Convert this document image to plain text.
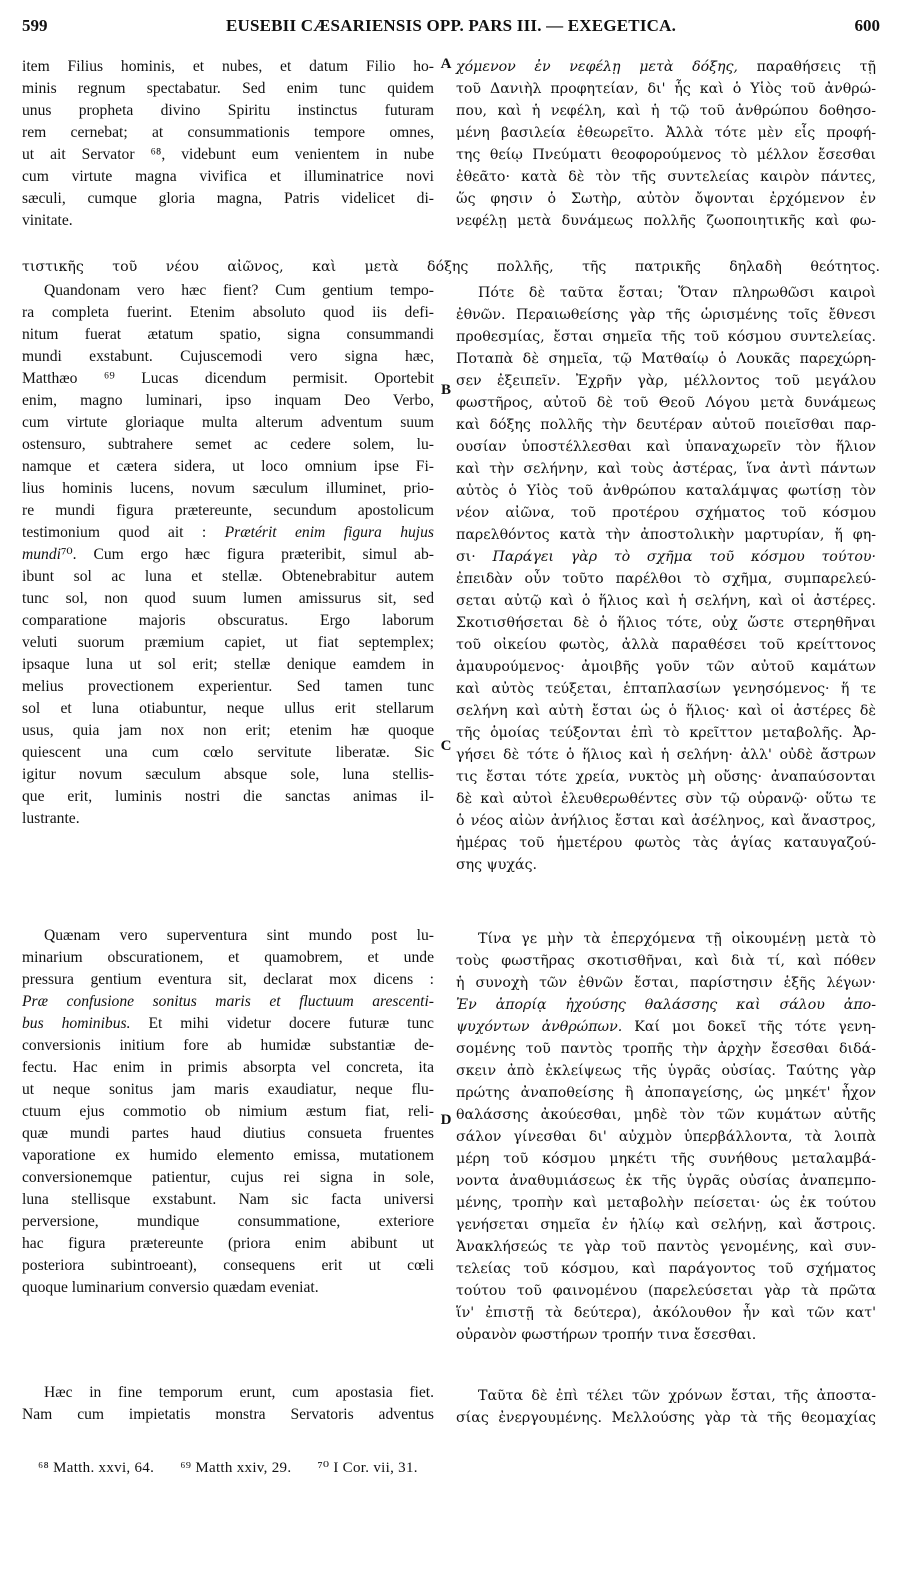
599	EUSEBII CÆSARIENSIS OPP. PARS III. — EXEGETICA.	600
item Filius hominis, et nubes, et datum Filio ho-
minis regnum spectabatur. Sed enim tunc quidem
unus propheta divino Spiritu instinctus futuram
rem cernebat; at consummationis tempore omnes,
ut ait Servator ⁶⁸, videbunt eum venientem in nube
cum virtute magna vivifica et illuminatrice novi
sæculi, cumque gloria magna, Patris videlicet di-
vinitate.
τιστικῆς τοῦ νέου αἰῶνος, καὶ μετὰ δόξης πολλῆς, τῆς πατρικῆς δηλαδὴ θεότητος.
Quandonam vero hæc fient? Cum gentium tempo-
ra completa fuerint. Etenim absoluto quod iis defi-
nitum fuerat ætatum spatio, signa consummandi
mundi exstabunt. Cujuscemodi vero signa hæc,
Matthæo ⁶⁹ Lucas dicendum permisit. Oportebit
enim, magno luminari, ipso inquam Deo Verbo,
cum virtute gloriaque multa alterum adventum suum
ostensuro, subtrahere semet ac cedere solem, lu-
namque et cætera sidera, ut loco omnium ipse Fi-
lius hominis lucens, novum sæculum illuminet, prio-
re mundi figura prætereunte, secundum apostolicum
testimonium quod ait : Prætérit enim figura hujus
mundi⁷⁰. Cum ergo hæc figura præteribit, simul ab-
ibunt sol ac luna et stellæ. Obtenebrabitur autem
tunc sol, non quod suum lumen amissurus sit, sed
comparatione majoris obscuratus. Ergo laborum
veluti suorum præmium capiet, ut fiat septemplex;
ipsaque luna ut sol erit; stellæ denique eamdem in
melius provectionem experientur. Sed tamen tunc
sol et luna otiabuntur, neque ullus erit stellarum
usus, quia jam nox non erit; etenim hæ quoque
quiescent una cum cœlo servitute liberatæ. Sic
igitur novum sæculum absque sole, luna stellis-
que erit, luminis nostri die sanctas animas il-
lustrante.
Quænam vero superventura sint mundo post lu-
minarium obscurationem, et quamobrem, et unde
pressura gentium eventura sit, declarat mox dicens :
Præ confusione sonitus maris et fluctuum arescenti-
bus hominibus. Et mihi videtur docere futuræ tunc
conversionis initium fore ab humidæ substantiæ de-
fectu. Hac enim in primis absorpta vel concreta, ita
ut neque sonitus jam maris exaudiatur, neque flu-
ctuum ejus commotio ob nimium æstum fiat, reli-
quæ mundi partes haud diutius consueta fruentes
vaporatione ex humido elemento emissa, mutationem
conversionemque patientur, cujus rei signa in sole,
luna stellisque exstabunt. Nam sic facta universi
perversione, mundique consummatione, exteriore
hac figura prætereunte (priora enim abibunt ut
posteriora subintroeant), consequens erit ut cœli
quoque luminarium conversio quædam eveniat.
Hæc in fine temporum erunt, cum apostasia fiet.
Nam cum impietatis monstra Servatoris adventus
χόμενον ἐν νεφέλῃ μετὰ δόξης, παραθήσεις τῇ
τοῦ Δανιὴλ προφητείαν, δι' ἧς καὶ ὁ Υἱὸς τοῦ ἀνθρώ-
που, καὶ ἡ νεφέλη, καὶ ἡ τῷ τοῦ ἀνθρώπου δοθησο-
μένη βασιλεία ἐθεωρεῖτο. Ἀλλὰ τότε μὲν εἷς προφή-
της θείῳ Πνεύματι θεοφορούμενος τὸ μέλλον ἔσεσθαι
ἐθεᾶτο· κατὰ δὲ τὸν τῆς συντελείας καιρὸν πάντες,
ὥς φησιν ὁ Σωτὴρ, αὐτὸν ὄψονται ἐρχόμενον ἐν
νεφέλῃ μετὰ δυνάμεως πολλῆς ζωοποιητικῆς καὶ φω-
Πότε δὲ ταῦτα ἔσται; Ὅταν πληρωθῶσι καιροὶ
ἐθνῶν. Περαιωθείσης γὰρ τῆς ὡρισμένης τοῖς ἔθνεσι
προθεσμίας, ἔσται σημεῖα τῆς τοῦ κόσμου συντελείας.
Ποταπὰ δὲ σημεῖα, τῷ Ματθαίῳ ὁ Λουκᾶς παρεχώρη-
σεν ἐξειπεῖν. Ἐχρῆν γὰρ, μέλλοντος τοῦ μεγάλου
φωστῆρος, αὐτοῦ δὲ τοῦ Θεοῦ Λόγου μετὰ δυνάμεως
καὶ δόξης πολλῆς τὴν δευτέραν αὐτοῦ ποιεῖσθαι παρ-
ουσίαν ὑποστέλλεσθαι καὶ ὑπαναχωρεῖν τὸν ἥλιον
καὶ τὴν σελήνην, καὶ τοὺς ἀστέρας, ἵνα ἀντὶ πάντων
αὐτὸς ὁ Υἱὸς τοῦ ἀνθρώπου καταλάμψας φωτίσῃ τὸν
νέον αἰῶνα, τοῦ προτέρου σχήματος τοῦ κόσμου
παρελθόντος κατὰ τὴν ἀποστολικὴν μαρτυρίαν, ἥ φη-
σι· Παράγει γὰρ τὸ σχῆμα τοῦ κόσμου τούτου·
ἐπειδὰν οὖν τοῦτο παρέλθοι τὸ σχῆμα, συμπαρελεύ-
σεται αὐτῷ καὶ ὁ ἥλιος καὶ ἡ σελήνη, καὶ οἱ ἀστέρες.
Σκοτισθήσεται δὲ ὁ ἥλιος τότε, οὐχ ὥστε στερηθῆναι
τοῦ οἰκείου φωτὸς, ἀλλὰ παραθέσει τοῦ κρείττονος
ἀμαυρούμενος· ἀμοιβῆς γοῦν τῶν αὐτοῦ καμάτων
καὶ αὐτὸς τεύξεται, ἑπταπλασίων γενησόμενος· ἥ τε
σελήνη καὶ αὐτὴ ἔσται ὡς ὁ ἥλιος· καὶ οἱ ἀστέρες δὲ
τῆς ὁμοίας τεύξονται ἐπὶ τὸ κρεῖττον μεταβολῆς. Ἀρ-
γήσει δὲ τότε ὁ ἥλιος καὶ ἡ σελήνη· ἀλλ' οὐδὲ ἄστρων
τις ἔσται τότε χρεία, νυκτὸς μὴ οὔσης· ἀναπαύσονται
δὲ καὶ αὐτοὶ ἐλευθερωθέντες σὺν τῷ οὐρανῷ· οὕτω τε
ὁ νέος αἰὼν ἀνήλιος ἔσται καὶ ἀσέληνος, καὶ ἄναστρος,
ἡμέρας τοῦ ἡμετέρου φωτὸς τὰς ἁγίας καταυγαζού-
σης ψυχάς.
Τίνα γε μὴν τὰ ἐπερχόμενα τῇ οἰκουμένῃ μετὰ τὸ
τοὺς φωστῆρας σκοτισθῆναι, καὶ διὰ τί, καὶ πόθεν
ἡ συνοχὴ τῶν ἐθνῶν ἔσται, παρίστησιν ἑξῆς λέγων·
Ἐν ἀπορίᾳ ἠχούσης θαλάσσης καὶ σάλου ἀπο-
ψυχόντων ἀνθρώπων. Καί μοι δοκεῖ τῆς τότε γενη-
σομένης τοῦ παντὸς τροπῆς τὴν ἀρχὴν ἔσεσθαι διδά-
σκειν ἀπὸ ἐκλείψεως τῆς ὑγρᾶς οὐσίας. Ταύτης γὰρ
πρώτης ἀναποθείσης ἢ ἀποπαγείσης, ὡς μηκέτ' ἦχον
θαλάσσης ἀκούεσθαι, μηδὲ τὸν τῶν κυμάτων αὐτῆς
σάλον γίνεσθαι δι' αὐχμὸν ὑπερβάλλοντα, τὰ λοιπὰ
μέρη τοῦ κόσμου μηκέτι τῆς συνήθους μεταλαμβά-
νοντα ἀναθυμιάσεως ἐκ τῆς ὑγρᾶς οὐσίας ἀναπεμπο-
μένης, τροπὴν καὶ μεταβολὴν πείσεται· ὡς ἐκ τούτου
γενήσεται σημεῖα ἐν ἡλίῳ καὶ σελήνῃ, καὶ ἄστροις.
Ἀνακλήσεώς τε γὰρ τοῦ παντὸς γενομένης, καὶ συν-
τελείας τοῦ κόσμου, καὶ παράγοντος τοῦ σχήματος
τούτου τοῦ φαινομένου (παρελεύσεται γὰρ τὰ πρῶτα
ἵν' ἐπιστῇ τὰ δεύτερα), ἀκόλουθον ἦν καὶ τῶν κατ'
οὐρανὸν φωστήρων τροπήν τινα ἔσεσθαι.
Ταῦτα δὲ ἐπὶ τέλει τῶν χρόνων ἔσται, τῆς ἀποστα-
σίας ἐνεργουμένης. Μελλούσης γὰρ τὰ τῆς θεομαχίας
A
B
C
D
⁶⁸ Matth. xxvi, 64. ⁶⁹ Matth xxiv, 29. ⁷⁰ I Cor. vii, 31.
